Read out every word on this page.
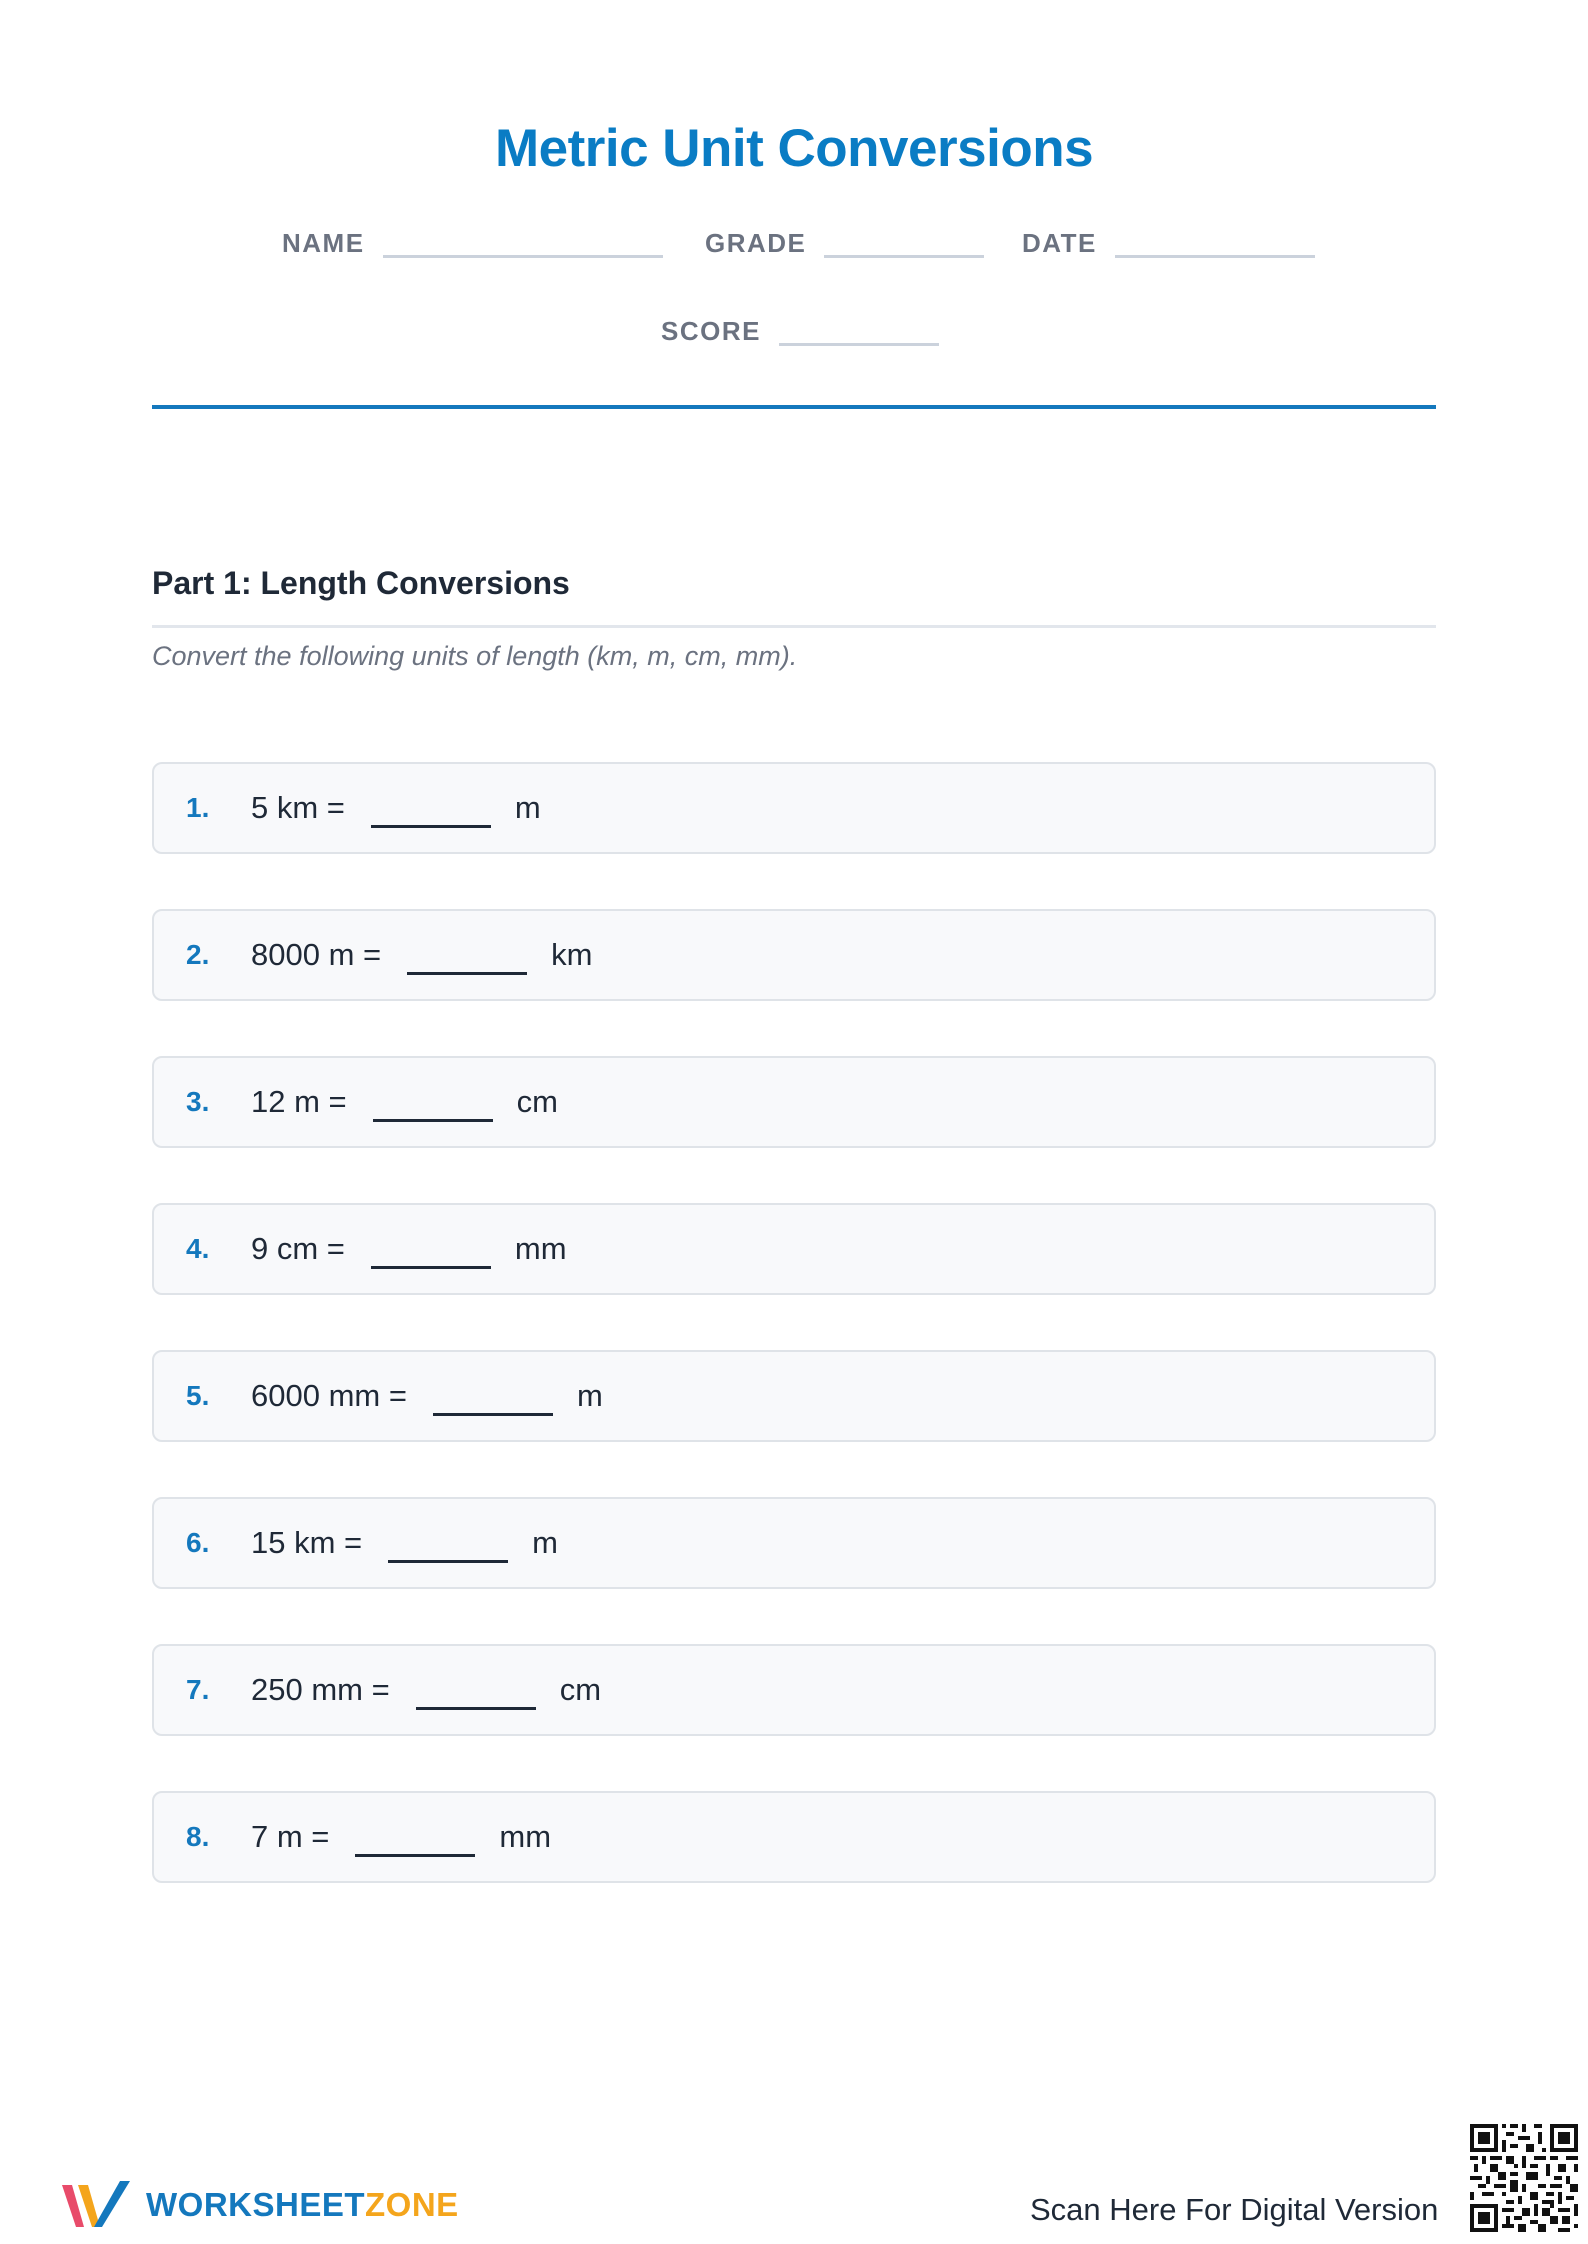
Metric Unit Conversions
NAME	GRADE	DATE
SCORE
Part 1: Length Conversions
Convert the following units of length (km, m, cm, mm).
1.	5 km =	m
2.	8000 m =	km
3.	12 m =	cm
4.	9 cm =	mm
5.	6000 mm =	m
6.	15 km =	m
7.	250 mm =	cm
8.	7 m =	mm
WORKSHEETZONE	Scan Here For Digital Version
